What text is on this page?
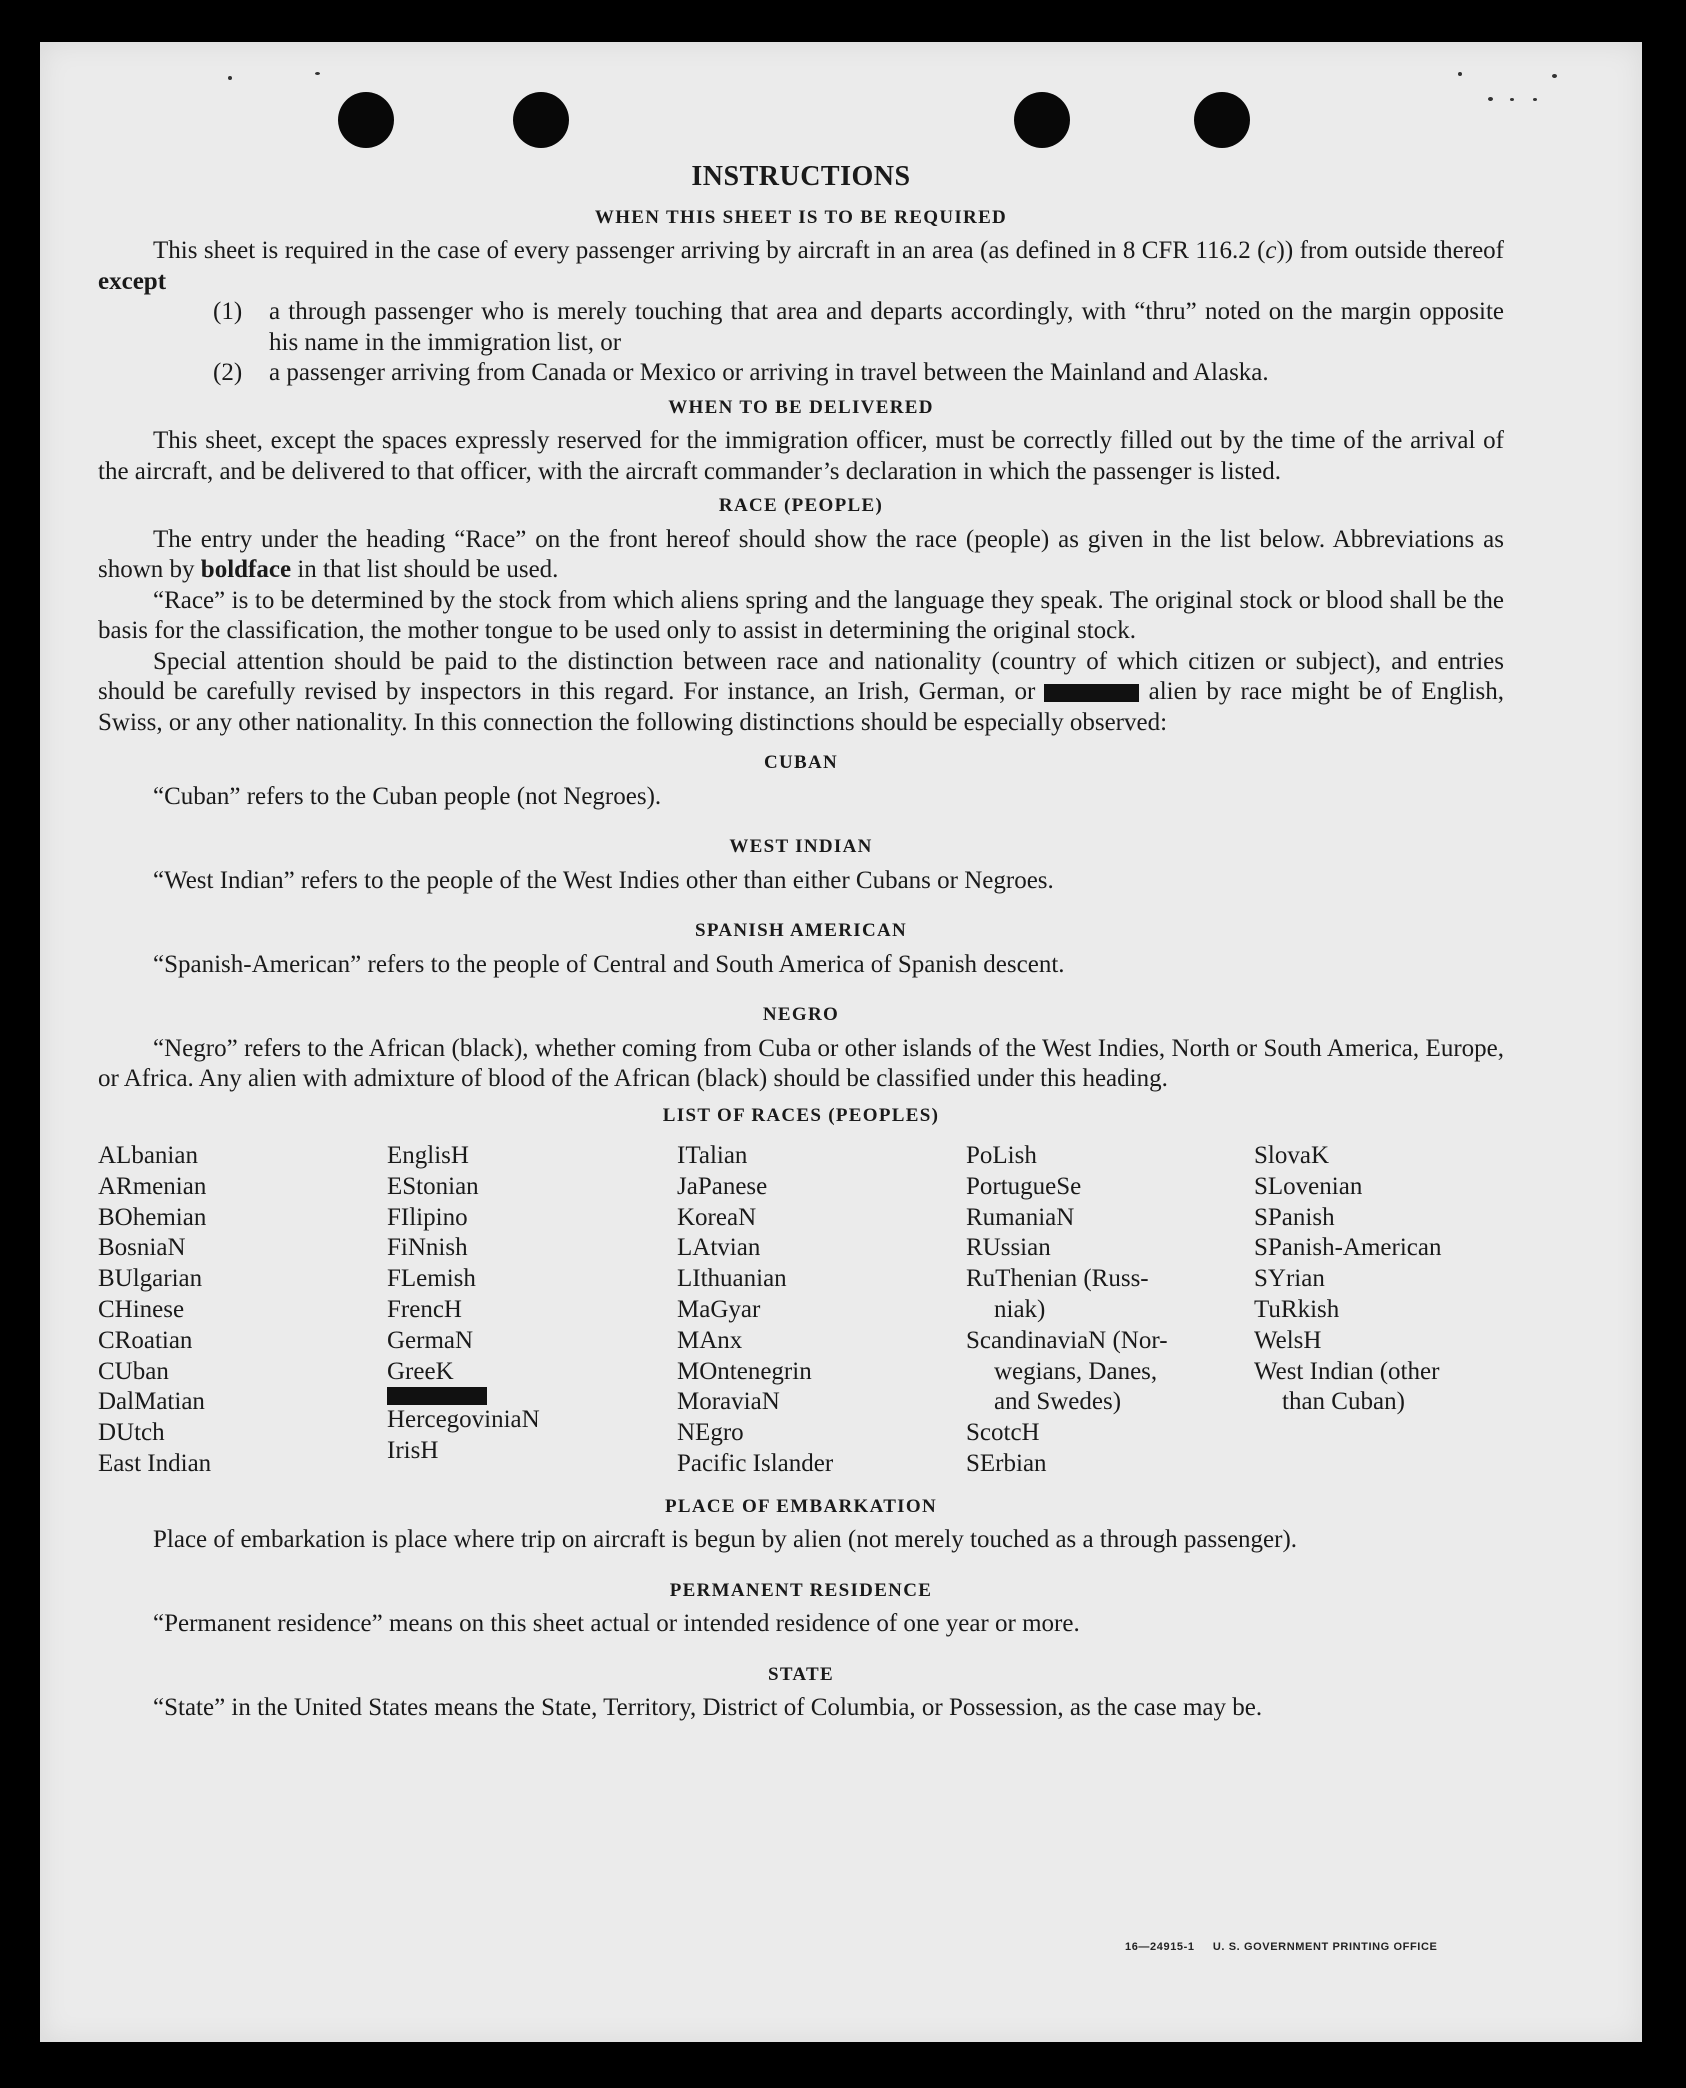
INSTRUCTIONS
WHEN THIS SHEET IS TO BE REQUIRED

This sheet is required in the case of every passenger arriving by aircraft in an area (as defined in 8 CFR 116.2 (c)) from outside thereof except

(1)	a through passenger who is merely touching that area and departs accordingly, with “thru” noted on the margin opposite his name in the immigration list, or
(2)	a passenger arriving from Canada or Mexico or arriving in travel between the Mainland and Alaska.
WHEN TO BE DELIVERED

This sheet, except the spaces expressly reserved for the immigration officer, must be correctly filled out by the time of the arrival of the aircraft, and be delivered to that officer, with the aircraft commander’s declaration in which the passenger is listed.

RACE (PEOPLE)

The entry under the heading “Race” on the front hereof should show the race (people) as given in the list below. Abbreviations as shown by boldface in that list should be used.

“Race” is to be determined by the stock from which aliens spring and the language they speak. The original stock or blood shall be the basis for the classification, the mother tongue to be used only to assist in determining the original stock.

Special attention should be paid to the distinction between race and nationality (country of which citizen or subject), and entries should be carefully revised by inspectors in this regard. For instance, an Irish, German, or	alien by race might be of English, Swiss, or any other nationality. In this connection the following distinctions should be especially observed:

CUBAN

“Cuban” refers to the Cuban people (not Negroes).

WEST INDIAN

“West Indian” refers to the people of the West Indies other than either Cubans or Negroes.

SPANISH AMERICAN

“Spanish-American” refers to the people of Central and South America of Spanish descent.

NEGRO

“Negro” refers to the African (black), whether coming from Cuba or other islands of the West Indies, North or South America, Europe, or Africa. Any alien with admixture of blood of the African (black) should be classified under this heading.

LIST OF RACES (PEOPLES)
ALbanian
ARmenian
BOhemian
BosniaN
BUlgarian
CHinese
CRoatian
CUban
DalMatian
DUtch
East Indian
EnglisH
EStonian
FIlipino
FiNnish
FLemish
FrencH
GermaN
GreeK
HercegoviniaN
IrisH
ITalian
JaPanese
KoreaN
LAtvian
LIthuanian
MaGyar
MAnx
MOntenegrin
MoraviaN
NEgro
Pacific Islander
PoLish
PortugueSe
RumaniaN
RUssian
RuThenian (Russ-
niak)
ScandinaviaN (Nor-
wegians, Danes,
and Swedes)
ScotcH
SErbian
SlovaK
SLovenian
SPanish
SPanish-American
SYrian
TuRkish
WelsH
West Indian (other
than Cuban)
PLACE OF EMBARKATION

Place of embarkation is place where trip on aircraft is begun by alien (not merely touched as a through passenger).

PERMANENT RESIDENCE

“Permanent residence” means on this sheet actual or intended residence of one year or more.

STATE

“State” in the United States means the State, Territory, District of Columbia, or Possession, as the case may be.

16—24915-1     U. S. GOVERNMENT PRINTING OFFICE
